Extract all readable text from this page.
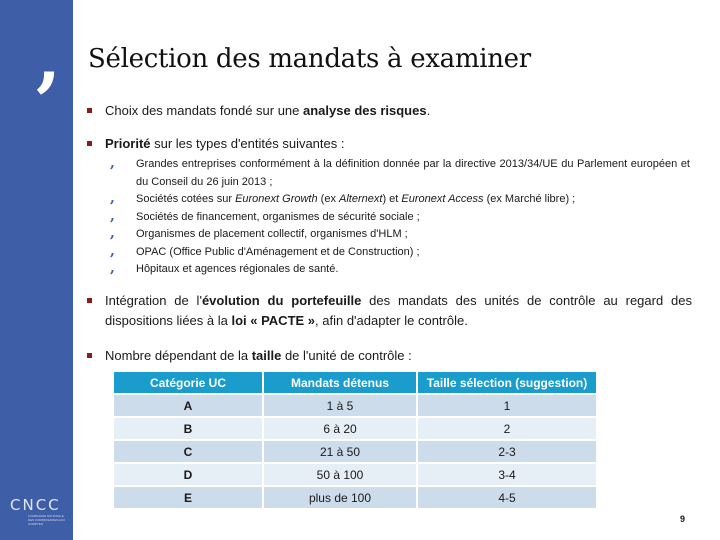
,
CNCC
COMPAGNIE NATIONALE DES COMMISSAIRES AUX COMPTES
Sélection des mandats à examiner
Choix des mandats fondé sur une analyse des risques.
Priorité sur les types d'entités suivantes :
, Grandes entreprises conformément à la définition donnée par la directive 2013/34/UE du Parlement européen et du Conseil du 26 juin 2013 ;
, Sociétés cotées sur Euronext Growth (ex Alternext) et Euronext Access (ex Marché libre) ;
, Sociétés de financement, organismes de sécurité sociale ;
, Organismes de placement collectif, organismes d'HLM ;
, OPAC (Office Public d'Aménagement et de Construction) ;
, Hôpitaux et agences régionales de santé.
Intégration de l'évolution du portefeuille des mandats des unités de contrôle au regard des dispositions liées à la loi « PACTE », afin d'adapter le contrôle.
Nombre dépendant de la taille de l'unité de contrôle :
Catégorie UC	Mandats détenus	Taille sélection (suggestion)
A	1 à 5	1
B	6 à 20	2
C	21 à 50	2-3
D	50 à 100	3-4
E	plus de 100	4-5
9
